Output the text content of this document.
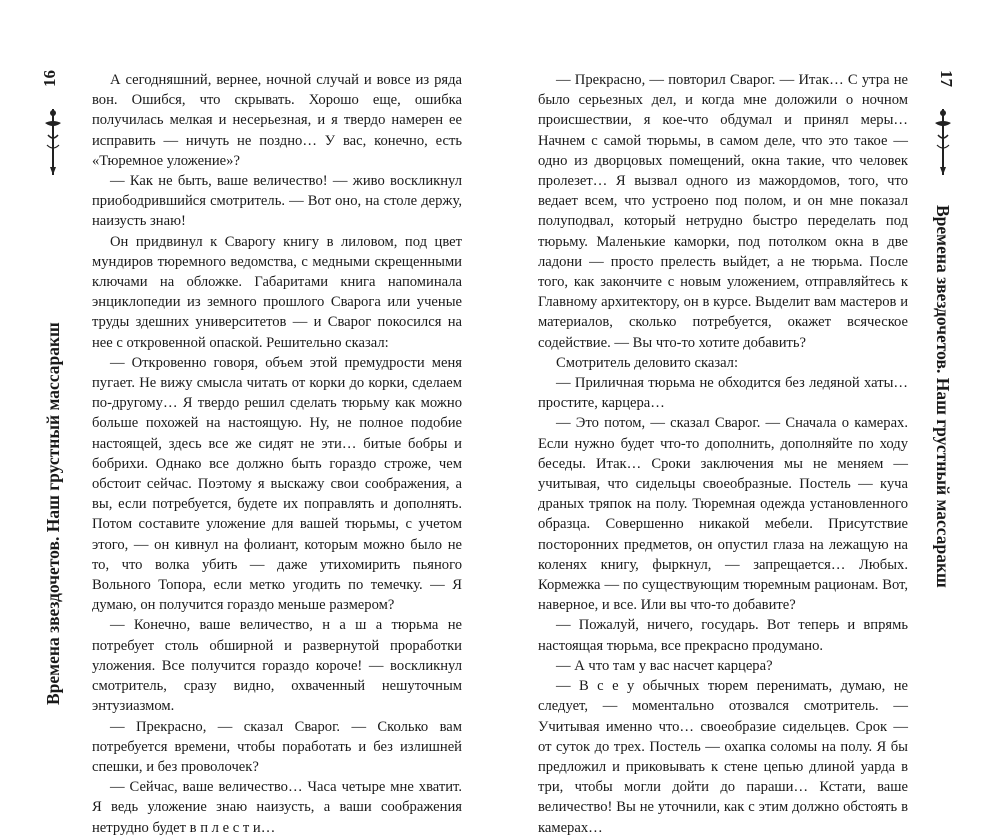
16
Времена звездочетов. Наш грустный массаракш

А сегодняшний, вернее, ночной случай и вовсе из ряда вон. Ошибся, что скрывать. Хорошо еще, ошибка получилась мелкая и несерьезная, и я твердо намерен ее исправить — ничуть не поздно… У вас, конечно, есть «Тюремное уложение»?

— Как не быть, ваше величество! — живо воскликнул приободрившийся смотритель. — Вот оно, на столе держу, наизусть знаю!

Он придвинул к Сварогу книгу в лиловом, под цвет мундиров тюремного ведомства, с медными скрещенными ключами на обложке. Габаритами книга напоминала энциклопедии из земного прошлого Сварога или ученые труды здешних университетов — и Сварог покосился на нее с откровенной опаской. Решительно сказал:

— Откровенно говоря, объем этой премудрости меня пугает. Не вижу смысла читать от корки до корки, сделаем по-другому… Я твердо решил сделать тюрьму как можно больше похожей на настоящую. Ну, не полное подобие настоящей, здесь все же сидят не эти… битые бобры и бобрихи. Однако все должно быть гораздо строже, чем обстоит сейчас. Поэтому я выскажу свои соображения, а вы, если потребуется, будете их поправлять и дополнять. Потом составите уложение для вашей тюрьмы, с учетом этого, — он кивнул на фолиант, которым можно было не то, что волка убить — даже утихомирить пьяного Вольного Топора, если метко угодить по темечку. — Я думаю, он получится гораздо меньше размером?

— Конечно, ваше величество, н а ш а тюрьма не потребует столь обширной и развернутой проработки уложения. Все получится гораздо короче! — воскликнул смотритель, сразу видно, охваченный нешуточным энтузиазмом.

— Прекрасно, — сказал Сварог. — Сколько вам потребуется времени, чтобы поработать и без излишней спешки, и без проволочек?

— Сейчас, ваше величество… Часа четыре мне хватит. Я ведь уложение знаю наизусть, а ваши соображения нетрудно будет в п л е с т и…

— Прекрасно, — повторил Сварог. — Итак… С утра не было серьезных дел, и когда мне доложили о ночном происшествии, я кое-что обдумал и принял меры… Начнем с самой тюрьмы, в самом деле, что это такое — одно из дворцовых помещений, окна такие, что человек пролезет… Я вызвал одного из мажордомов, того, что ведает всем, что устроено под полом, и он мне показал полуподвал, который нетрудно быстро переделать под тюрьму. Маленькие каморки, под потолком окна в две ладони — просто прелесть выйдет, а не тюрьма. После того, как закончите с новым уложением, отправляйтесь к Главному архитектору, он в курсе. Выделит вам мастеров и материалов, сколько потребуется, окажет всяческое содействие. — Вы что-то хотите добавить?

Смотритель деловито сказал:

— Приличная тюрьма не обходится без ледяной хаты… простите, карцера…

— Это потом, — сказал Сварог. — Сначала о камерах. Если нужно будет что-то дополнить, дополняйте по ходу беседы. Итак… Сроки заключения мы не меняем — учитывая, что сидельцы своеобразные. Постель — куча драных тряпок на полу. Тюремная одежда установленного образца. Совершенно никакой мебели. Присутствие посторонних предметов, он опустил глаза на лежащую на коленях книгу, фыркнул, — запрещается… Любых. Кормежка — по существующим тюремным рационам. Вот, наверное, и все. Или вы что-то добавите?

— Пожалуй, ничего, государь. Вот теперь и впрямь настоящая тюрьма, все прекрасно продумано.

— А что там у вас насчет карцера?

— В с е у обычных тюрем перенимать, думаю, не следует, — моментально отозвался смотритель. — Учитывая именно что… своеобразие сидельцев. Срок — от суток до трех. Постель — охапка соломы на полу. Я бы предложил и приковывать к стене цепью длиной уарда в три, чтобы могли дойти до параши… Кстати, ваше величество! Вы не уточнили, как с этим должно обстоять в камерах…

17
Времена звездочетов. Наш грустный массаракш
